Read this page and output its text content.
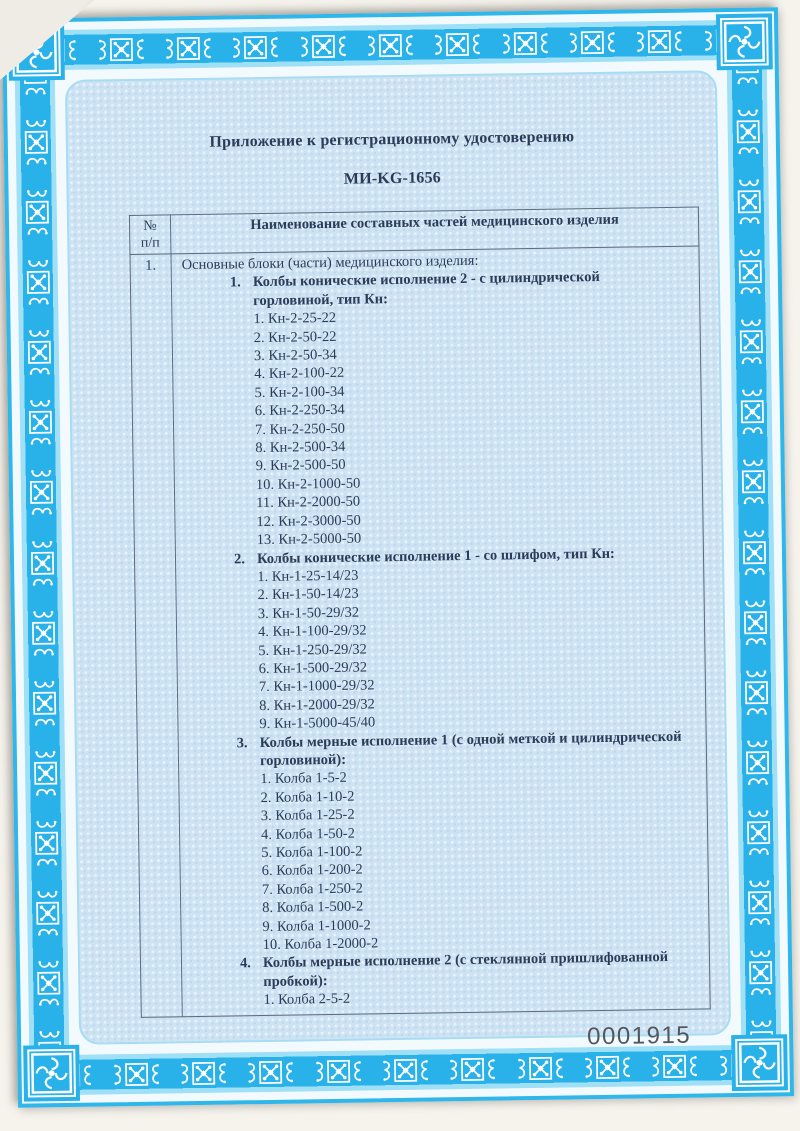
Приложение к регистрационному удостоверению
МИ-KG-1656
№
п/п	Наименование составных частей медицинского изделия
1.	Основные блоки (части) медицинского изделия:
1. Колбы конические исполнение 2 - с цилиндрической горловиной, тип Кн:
1. Кн-2-25-22
2. Кн-2-50-22
3. Кн-2-50-34
4. Кн-2-100-22
5. Кн-2-100-34
6. Кн-2-250-34
7. Кн-2-250-50
8. Кн-2-500-34
9. Кн-2-500-50
10. Кн-2-1000-50
11. Кн-2-2000-50
12. Кн-2-3000-50
13. Кн-2-5000-50
2. Колбы конические исполнение 1 - со шлифом, тип Кн:
1. Кн-1-25-14/23
2. Кн-1-50-14/23
3. Кн-1-50-29/32
4. Кн-1-100-29/32
5. Кн-1-250-29/32
6. Кн-1-500-29/32
7. Кн-1-1000-29/32
8. Кн-1-2000-29/32
9. Кн-1-5000-45/40
3. Колбы мерные исполнение 1 (с одной меткой и цилиндрической горловиной):
1. Колба 1-5-2
2. Колба 1-10-2
3. Колба 1-25-2
4. Колба 1-50-2
5. Колба 1-100-2
6. Колба 1-200-2
7. Колба 1-250-2
8. Колба 1-500-2
9. Колба 1-1000-2
10. Колба 1-2000-2
4. Колбы мерные исполнение 2 (с стеклянной пришлифованной пробкой):
1. Колба 2-5-2
0001915
